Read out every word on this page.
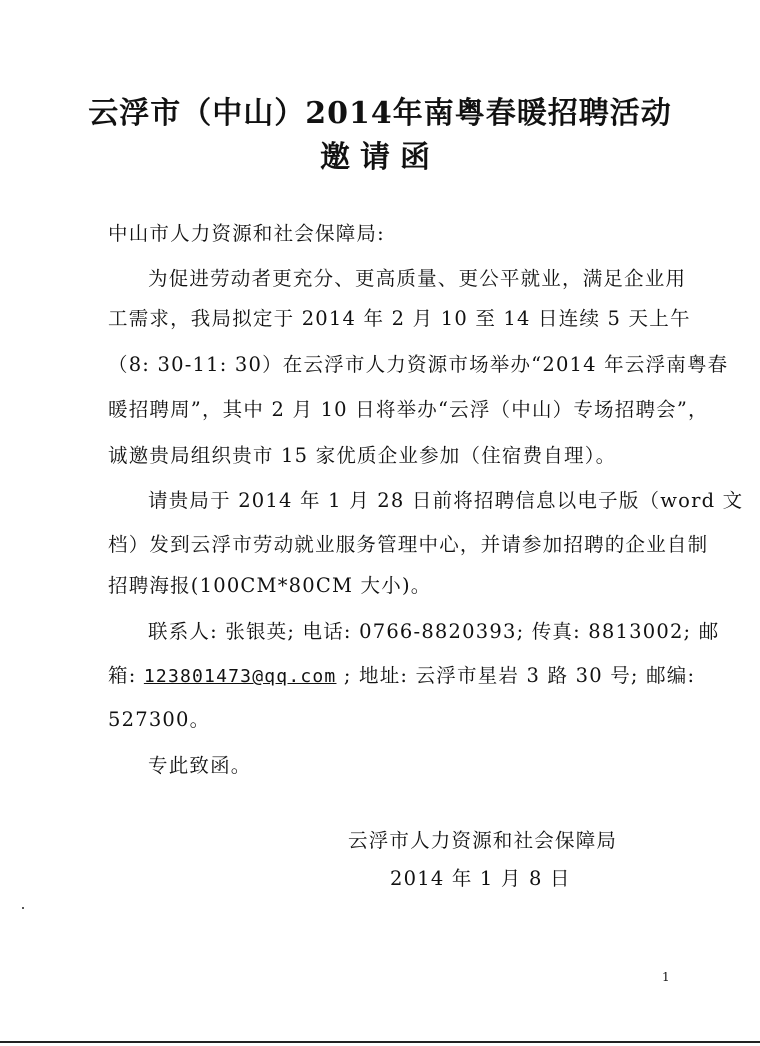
云浮市（中山）2014年南粤春暖招聘活动
邀请函
中山市人力资源和社会保障局:
为促进劳动者更充分、更高质量、更公平就业，满足企业用
工需求，我局拟定于 2014 年 2 月 10 至 14 日连续 5 天上午
（8: 30-11: 30）在云浮市人力资源市场举办“2014 年云浮南粤春
暖招聘周”，其中 2 月 10 日将举办“云浮（中山）专场招聘会”，
诚邀贵局组织贵市 15 家优质企业参加（住宿费自理）。
请贵局于 2014 年 1 月 28 日前将招聘信息以电子版（word 文
档）发到云浮市劳动就业服务管理中心，并请参加招聘的企业自制
招聘海报(100CM*80CM 大小)。
联系人: 张银英; 电话: 0766-8820393; 传真: 8813002; 邮
箱: 123801473@qq.com ; 地址: 云浮市星岩 3 路 30 号; 邮编:
527300。
专此致函。
云浮市人力资源和社会保障局
2014 年 1 月 8 日
1
